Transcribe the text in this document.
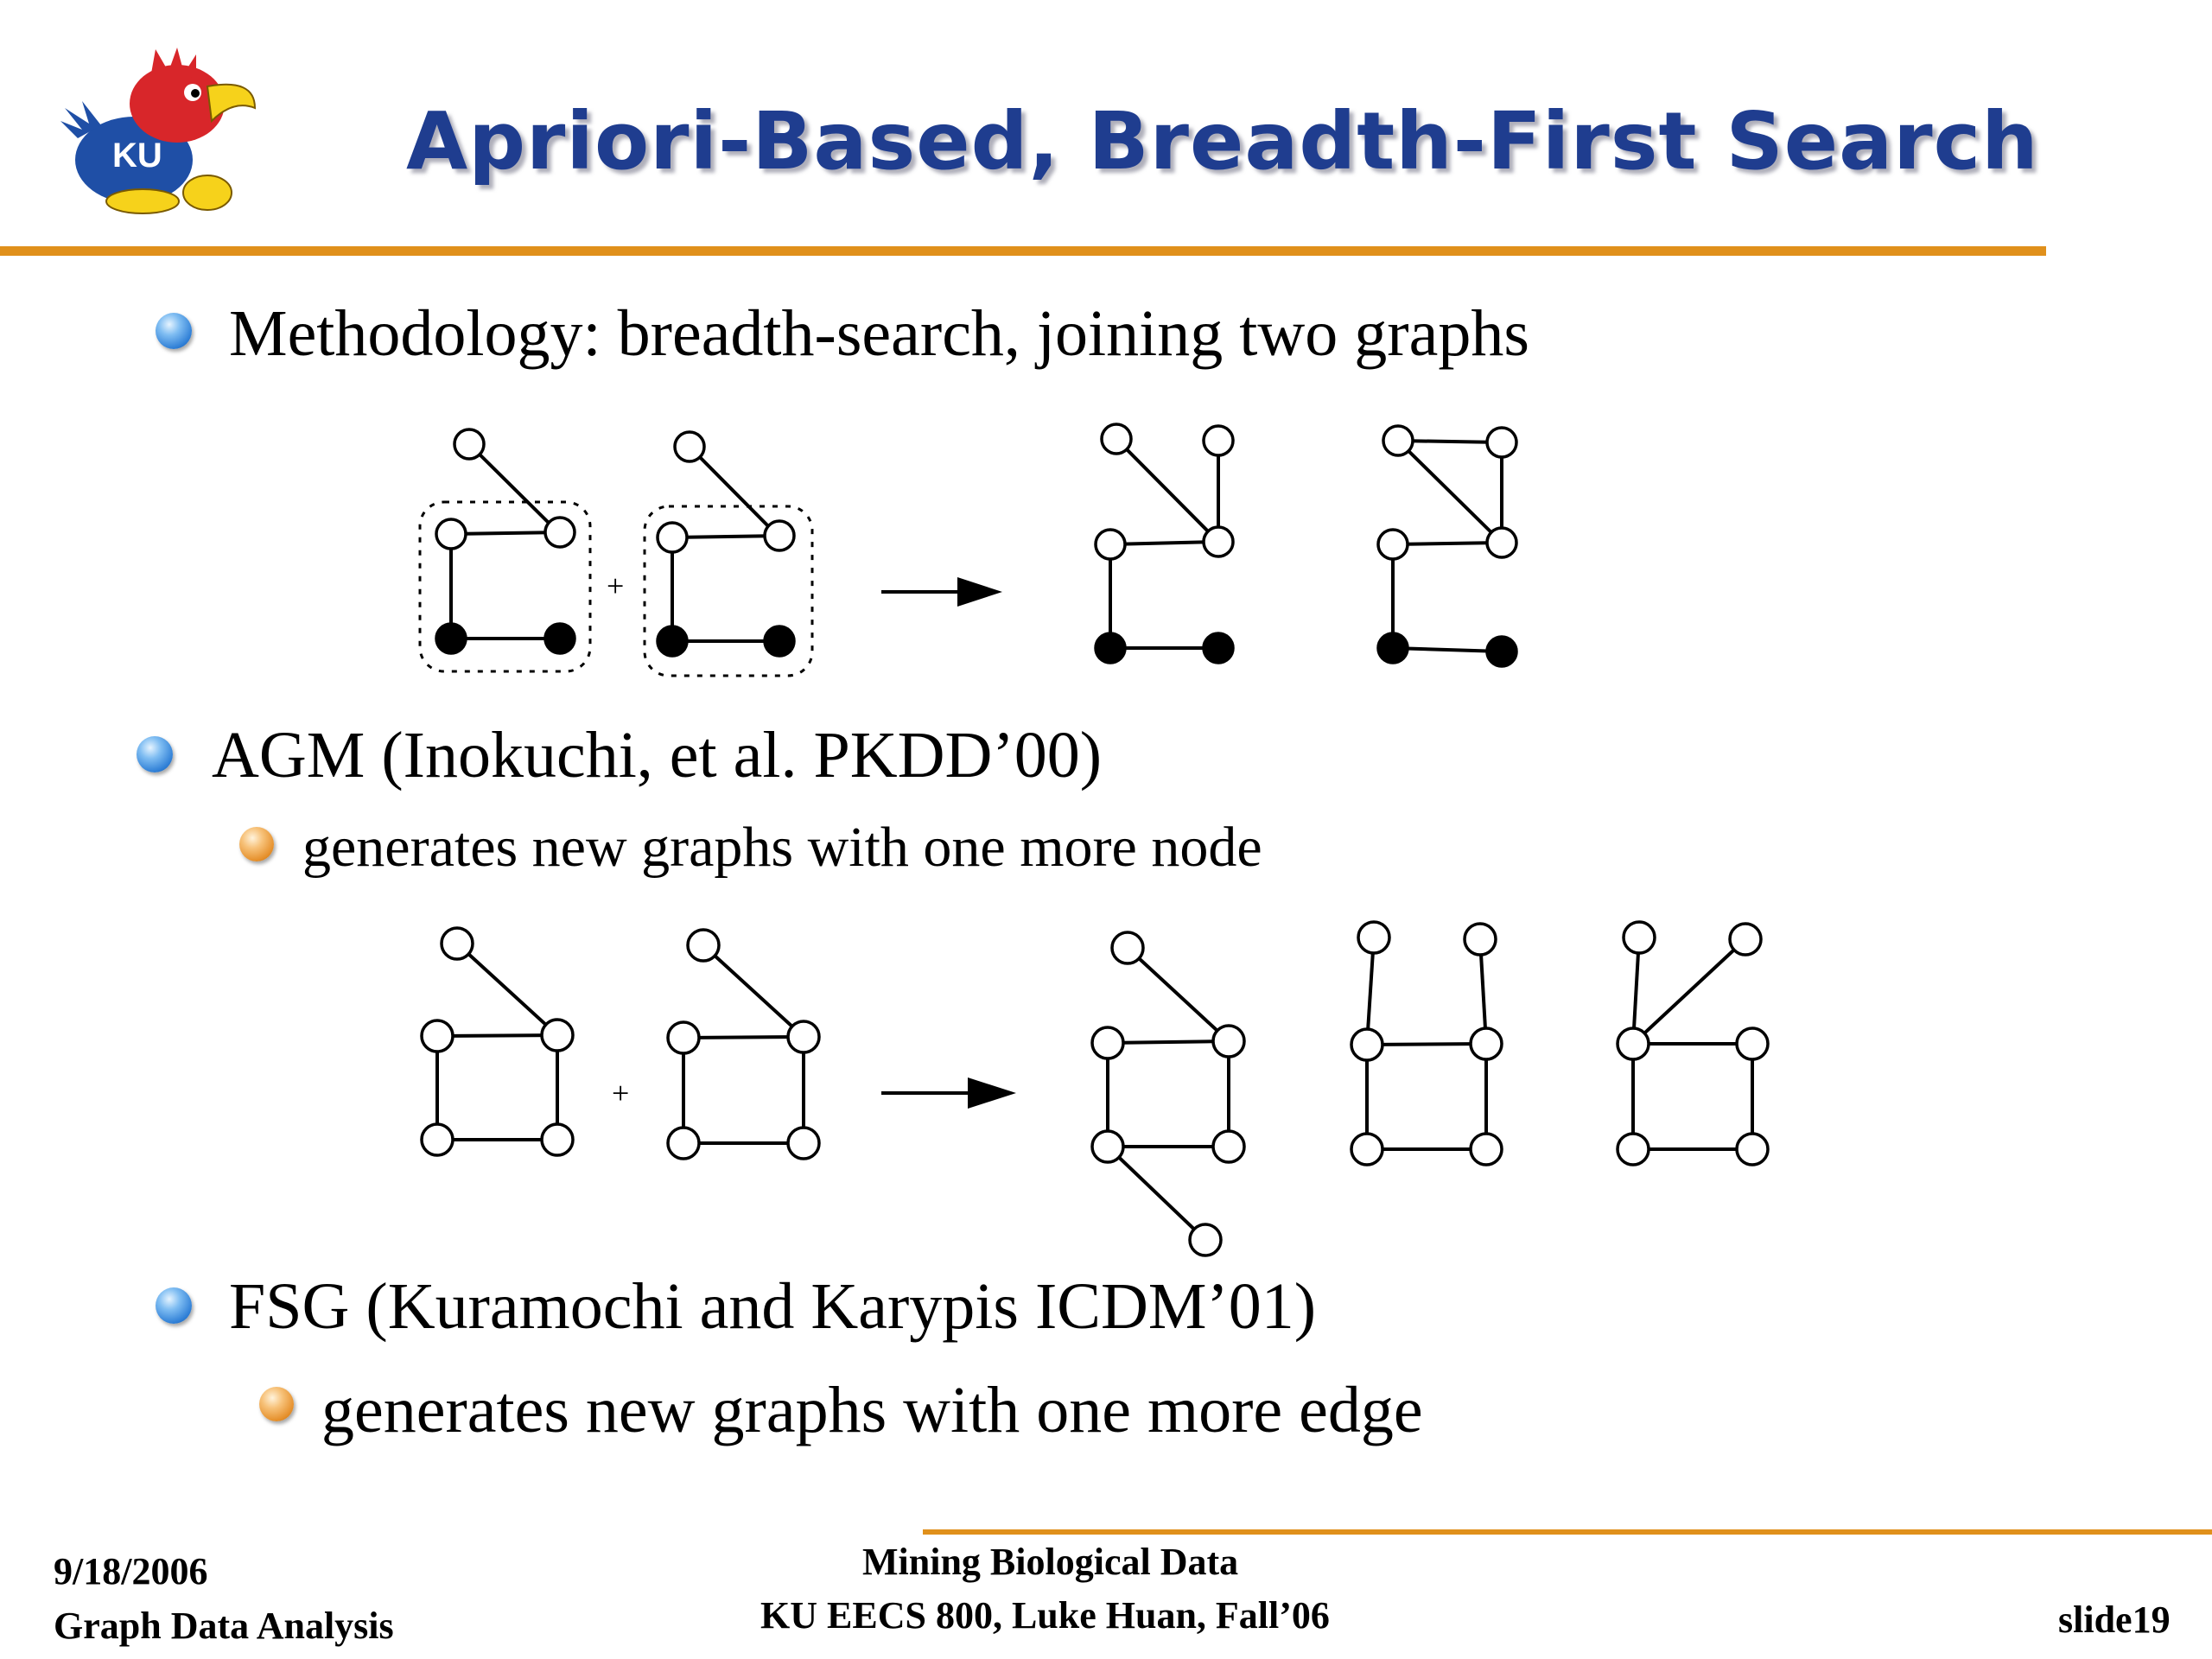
KU	Apriori-Based, Breadth-First Search
Methodology: breadth-search, joining two graphs
+
AGM (Inokuchi, et al. PKDD’00)
generates new graphs with one more node
+
FSG (Kuramochi and Karypis ICDM’01)
generates new graphs with one more edge
9/18/2006
Graph Data Analysis
Mining Biological Data
KU EECS 800, Luke Huan, Fall’06	slide19
